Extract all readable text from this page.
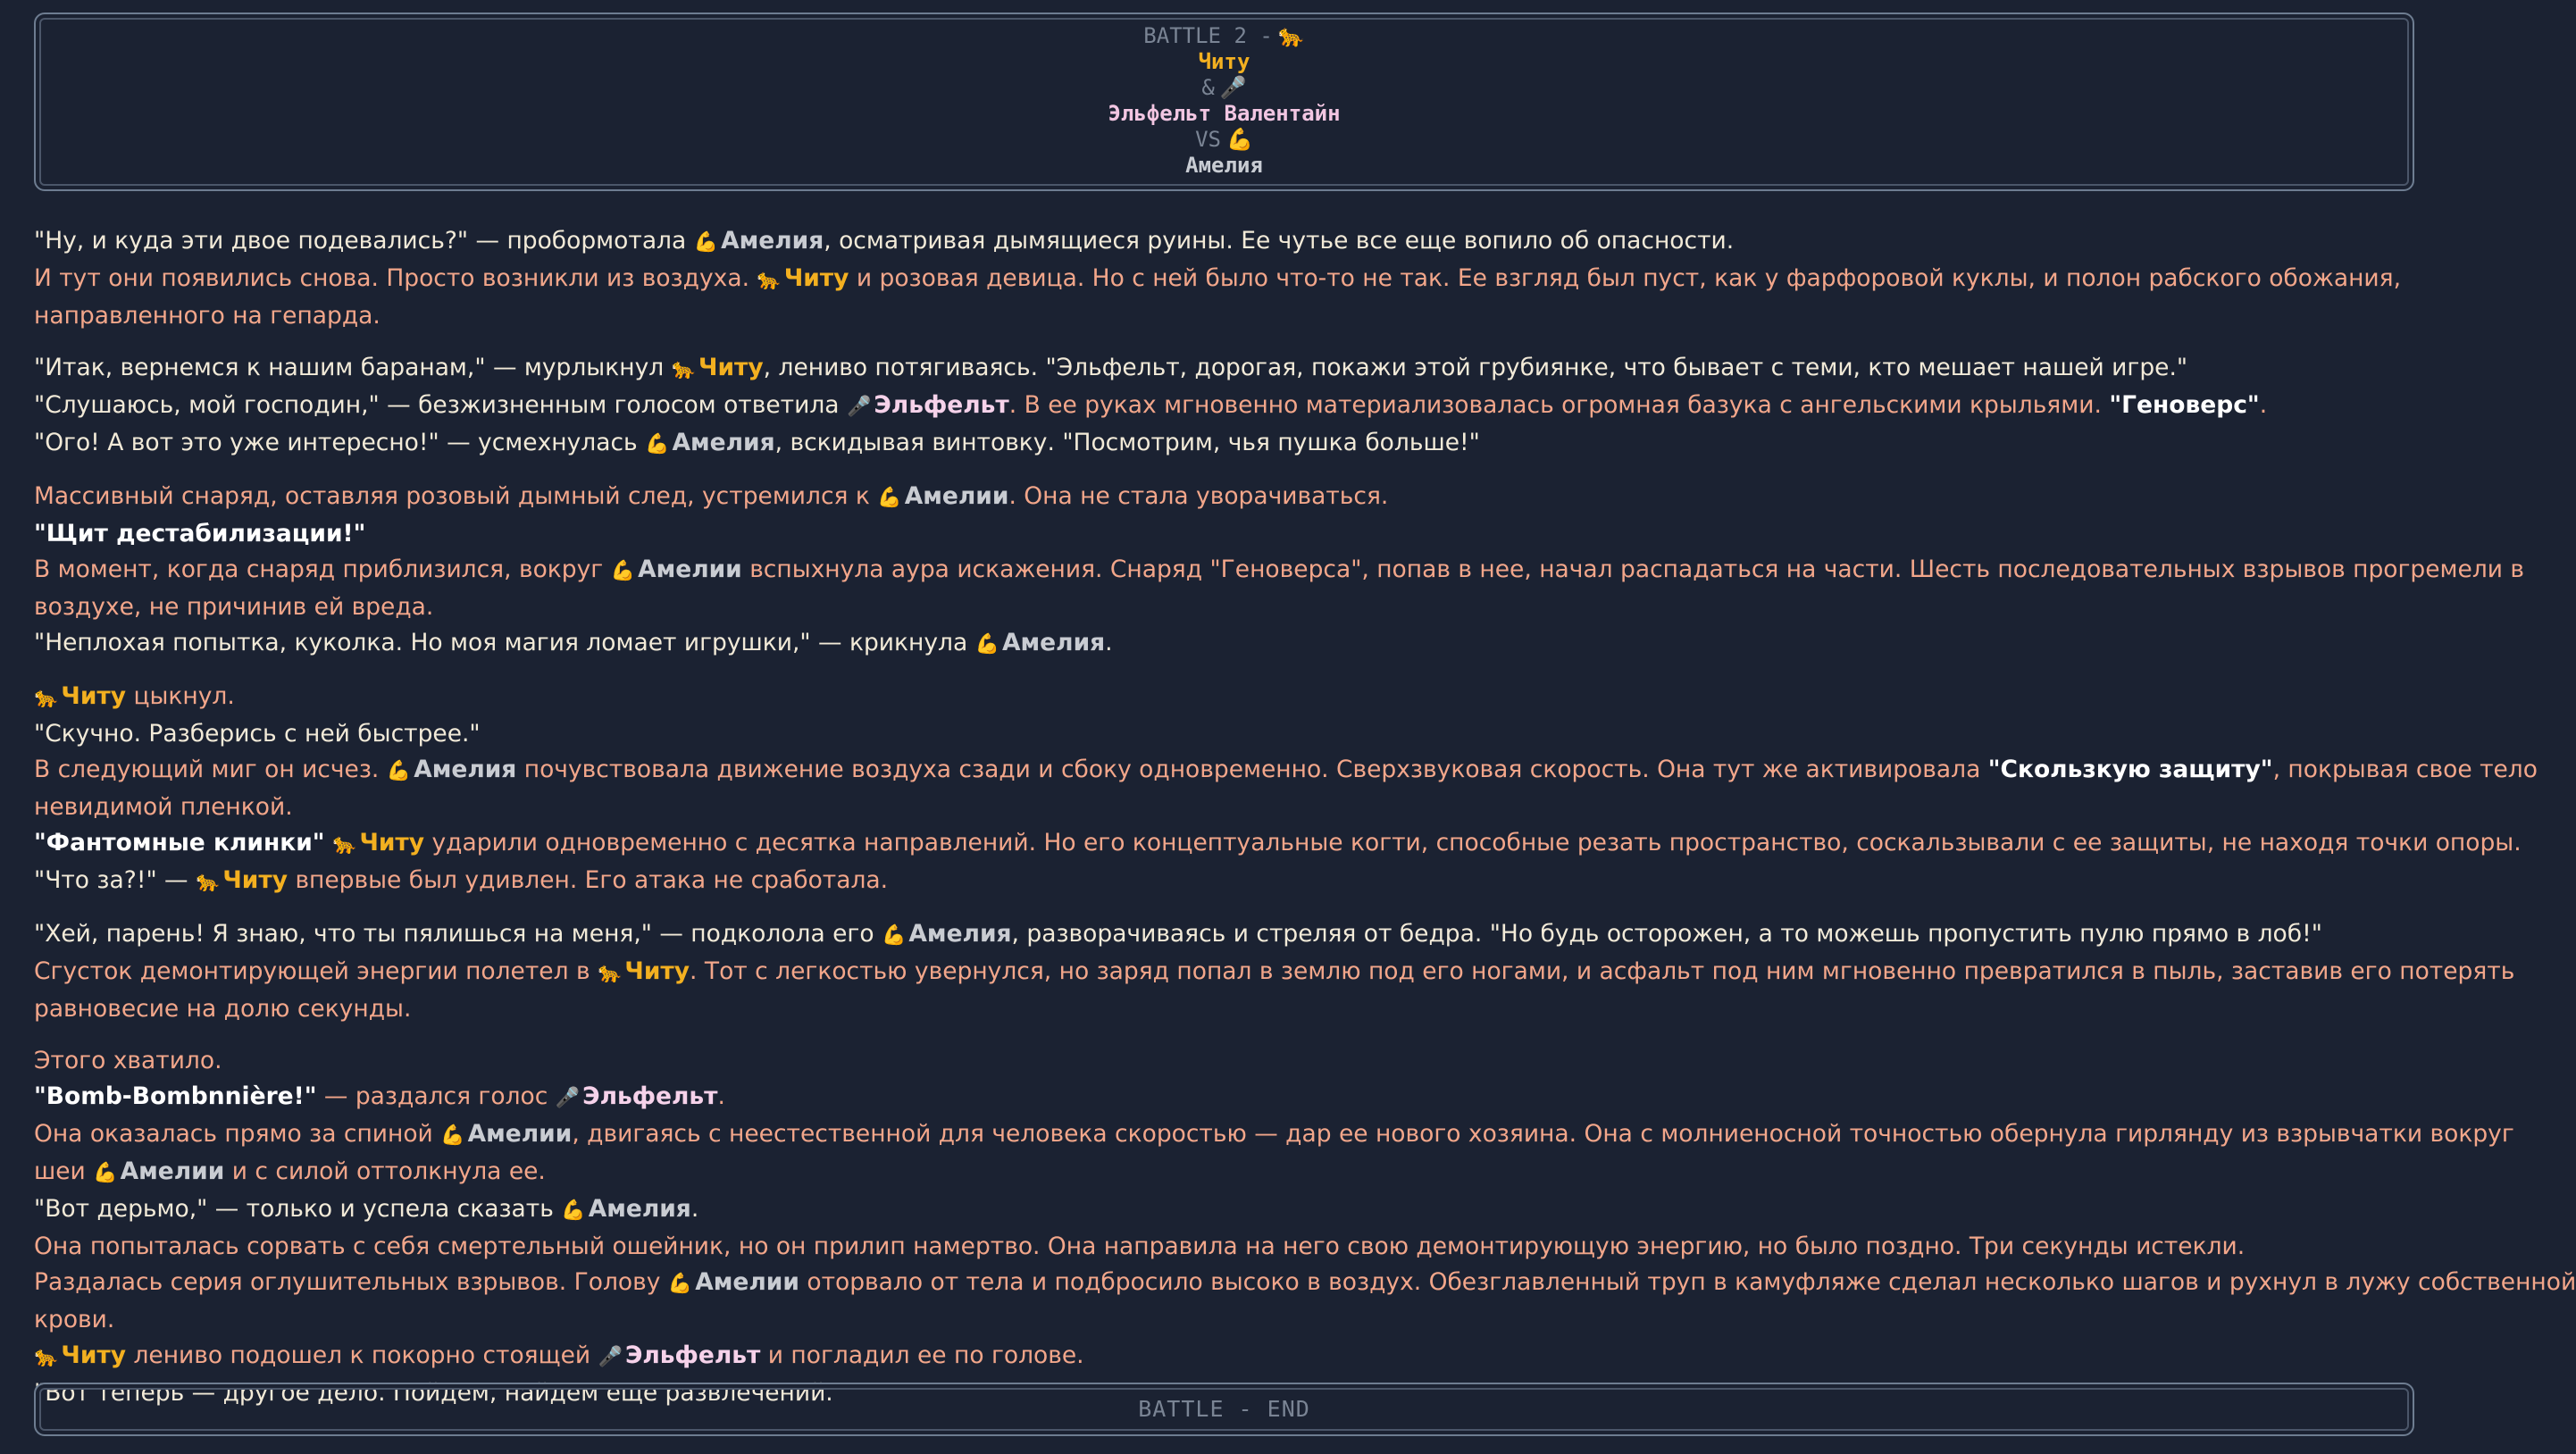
BATTLE 2 - 🐆
Читу
& 🎤
Эльфельт Валентайн
VS 💪
Амелия
"Ну, и куда эти двое подевались?" — пробормотала 💪 Амелия, осматривая дымящиеся руины. Ее чутье все еще вопило об опасности.
И тут они появились снова. Просто возникли из воздуха. 🐆 Читу и розовая девица. Но с ней было что-то не так. Ее взгляд был пуст, как у фарфоровой куклы, и полон рабского обожания,
направленного на гепарда.
"Итак, вернемся к нашим баранам," — мурлыкнул 🐆 Читу, лениво потягиваясь. "Эльфельт, дорогая, покажи этой грубиянке, что бывает с теми, кто мешает нашей игре."
"Слушаюсь, мой господин," — безжизненным голосом ответила 🎤 Эльфельт. В ее руках мгновенно материализовалась огромная базука с ангельскими крыльями. "Геноверс".
"Ого! А вот это уже интересно!" — усмехнулась 💪 Амелия, вскидывая винтовку. "Посмотрим, чья пушка больше!"
Массивный снаряд, оставляя розовый дымный след, устремился к 💪 Амелии. Она не стала уворачиваться.
"Щит дестабилизации!"
В момент, когда снаряд приблизился, вокруг 💪 Амелии вспыхнула аура искажения. Снаряд "Геноверса", попав в нее, начал распадаться на части. Шесть последовательных взрывов прогремели в
воздухе, не причинив ей вреда.
"Неплохая попытка, куколка. Но моя магия ломает игрушки," — крикнула 💪 Амелия.
🐆 Читу цыкнул.
"Скучно. Разберись с ней быстрее."
В следующий миг он исчез. 💪 Амелия почувствовала движение воздуха сзади и сбоку одновременно. Сверхзвуковая скорость. Она тут же активировала "Скользкую защиту", покрывая свое тело
невидимой пленкой.
"Фантомные клинки" 🐆 Читу ударили одновременно с десятка направлений. Но его концептуальные когти, способные резать пространство, соскальзывали с ее защиты, не находя точки опоры.
"Что за?!" — 🐆 Читу впервые был удивлен. Его атака не сработала.
"Хей, парень! Я знаю, что ты пялишься на меня," — подколола его 💪 Амелия, разворачиваясь и стреляя от бедра. "Но будь осторожен, а то можешь пропустить пулю прямо в лоб!"
Сгусток демонтирующей энергии полетел в 🐆 Читу. Тот с легкостью увернулся, но заряд попал в землю под его ногами, и асфальт под ним мгновенно превратился в пыль, заставив его потерять
равновесие на долю секунды.
Этого хватило.
"Bomb-Bombnnière!" — раздался голос 🎤 Эльфельт.
Она оказалась прямо за спиной 💪 Амелии, двигаясь с неестественной для человека скоростью — дар ее нового хозяина. Она с молниеносной точностью обернула гирлянду из взрывчатки вокруг
шеи 💪 Амелии и с силой оттолкнула ее.
"Вот дерьмо," — только и успела сказать 💪 Амелия.
Она попыталась сорвать с себя смертельный ошейник, но он прилип намертво. Она направила на него свою демонтирующую энергию, но было поздно. Три секунды истекли.
Раздалась серия оглушительных взрывов. Голову 💪 Амелии оторвало от тела и подбросило высоко в воздух. Обезглавленный труп в камуфляже сделал несколько шагов и рухнул в лужу собственной
крови.
🐆 Читу лениво подошел к покорно стоящей 🎤 Эльфельт и погладил ее по голове.
"Вот теперь — другое дело. Пойдем, найдем еще развлечений."
BATTLE - END
